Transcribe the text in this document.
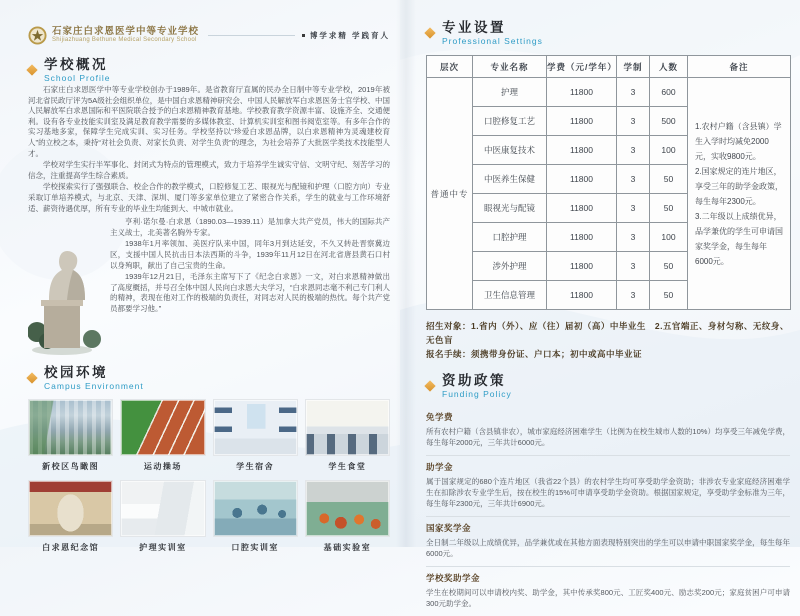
石家庄白求恩医学中等专业学校
Shijiazhuang Bethune Medical Secondary School
博学求精 学践育人
学校概况
School Profile

石家庄白求恩医学中等专业学校创办于1989年。是省教育厅直属的民办全日制中等专业学校，2019年被河北省民政厅评为5A级社会组织单位，是中国白求恩精神研究会、中国人民解放军白求恩医务士官学校、中国人民解放军白求恩国际和平医院联合授予的白求恩精神教育基地。学校教育教学资源丰富、设施齐全、交通便利。设有各专业技能实训室及满足教育教学需要的多媒体教室、计算机实训室和图书阅览室等。有多年合作的实习基地多家，保障学生完成实训、实习任务。学校坚持以“珍爱白求恩品牌，以白求恩精神为灵魂建校育人”的立校之本，秉持“对社会负责、对家长负责、对学生负责”的理念，为社会培养了大批医学类技术技能型人才。

学校对学生实行半军事化、封闭式为特点的管理模式，致力于培养学生诚实守信、文明守纪、刻苦学习的信念，注重提高学生综合素质。

学校探索实行了强强联合、校企合作的教学模式，口腔修复工艺、眼视光与配镜和护理（口腔方向）专业采取订单培养模式，与北京、天津、深圳、厦门等多家单位建立了紧密合作关系，学生的就业与工作环境舒适、薪资待遇优厚，所有专业的毕业生均能到大、中城市就业。

亨利·诺尔曼·白求恩（1890.03—1939.11）是加拿大共产党员，伟大的国际共产主义战士，北美著名胸外专家。

1938年1月率领加、美医疗队来中国，同年3月到达延安，不久又转赴晋察冀边区，支援中国人民抗击日本法西斯的斗争，1939年11月12日在河北省唐县黄石口村以身殉职，献出了自己宝贵的生命。

1939年12月21日，毛泽东主席写下了《纪念白求恩》一文，对白求恩精神做出了高度概括，并号召全体中国人民向白求恩大夫学习，“白求恩同志毫不利己专门利人的精神，表现在他对工作的极端的负责任，对同志对人民的极端的热忱。每个共产党员都要学习他。”

校园环境
Campus Environment
新校区鸟瞰图	运动操场	学生宿舍	学生食堂
白求恩纪念馆	护理实训室	口腔实训室	基础实验室
专业设置
Professional Settings
层次	专业名称	学费（元/学年）	学制	人数	备注
普通中专	护理	11800	3	600	1.农村户籍（含县镇）学生入学时均减免2000元，实收9800元。

2.国家规定的连片地区，享受三年的助学金政策，每生每年2300元。

3.二年级以上成绩优异，品学兼优的学生可申请国家奖学金，每生每年6000元。

	口腔修复工艺	11800	3	500	
	中医康复技术	11800	3	100	
	中医养生保健	11800	3	50	
	眼视光与配镜	11800	3	50	
	口腔护理	11800	3	100	
	涉外护理	11800	3	50	
	卫生信息管理	11800	3	50	
招生对象：1.省内（外）、应（往）届初（高）中毕业生　2.五官端正、身材匀称、无纹身、无色盲
报名手续：须携带身份证、户口本；初中或高中毕业证
资助政策
Funding Policy
免学费
所有农村户籍（含县镇非农），城市家庭经济困难学生（比例为在校生城市人数的10%）均享受三年减免学费，每生每年2000元，三年共计6000元。
助学金
属于国家规定的680个连片地区（我省22个县）的农村学生均可享受助学金资助；非涉农专业家庭经济困难学生在扣除涉农专业学生后，按在校生的15%可申请享受助学金资助。根据国家规定，享受助学金标准为三年，每生每年2300元，三年共计6900元。
国家奖学金
全日制二年级以上成绩优异，品学兼优或在其他方面表现特别突出的学生可以申请中职国家奖学金，每生每年6000元。
学校奖助学金
学生在校期间可以申请校内奖、助学金，其中传承奖800元、工匠奖400元、励志奖200元；家庭贫困户可申请300元助学金。
